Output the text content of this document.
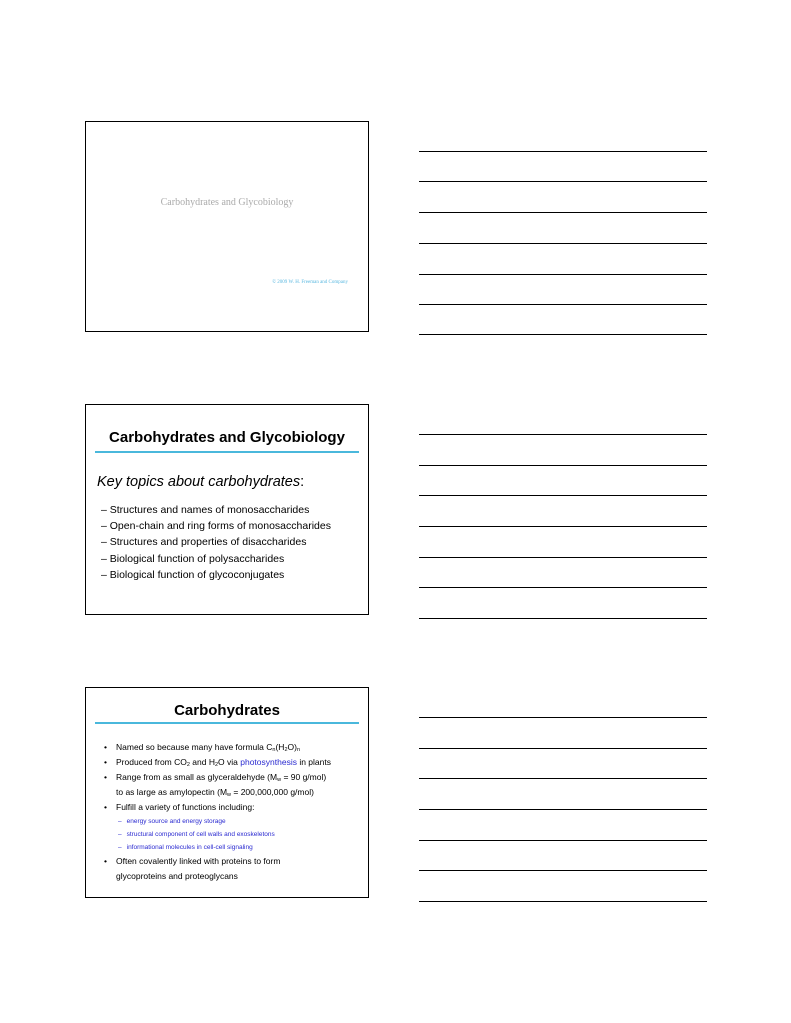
Carbohydrates and Glycobiology
© 2009 W. H. Freeman and Company
Carbohydrates and Glycobiology
Key topics about carbohydrates:
– Structures and names of monosaccharides
– Open-chain and ring forms of monosaccharides
– Structures and properties of disaccharides
– Biological function of polysaccharides
– Biological function of glycoconjugates
Carbohydrates
• Named so because many have formula $C_n(H_2O)_n$
• Produced from $CO_2$ and $H_2O$ via photosynthesis in plants
• Range from as small as glyceraldehyde ($M_w = 90$ g/mol)
to as large as amylopectin ($M_w = 200,000,000$ g/mol)
• Fulfill a variety of functions including:
– energy source and energy storage
– structural component of cell walls and exoskeletons
– informational molecules in cell-cell signaling
• Often covalently linked with proteins to form
glycoproteins and proteoglycans
